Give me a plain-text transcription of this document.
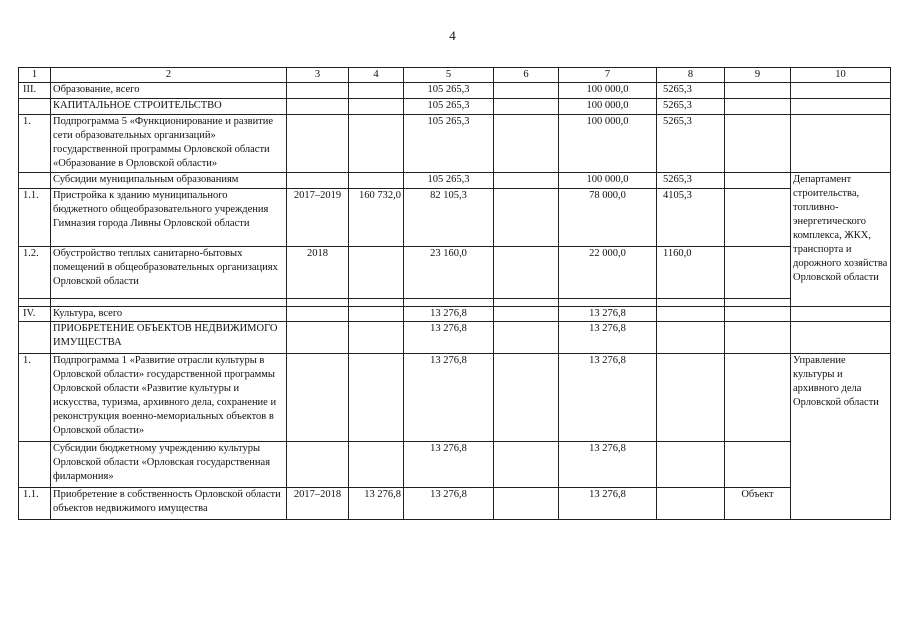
4
1	2	3	4	5	6	7	8	9	10
III.	Образование, всего			105 265,3		100 000,0	5265,3		
	КАПИТАЛЬНОЕ СТРОИТЕЛЬСТВО			105 265,3		100 000,0	5265,3		
1.	Подпрограмма 5 «Функционирование и развитие сети образовательных организаций» государственной программы Орловской области «Образование в Орловской области»			105 265,3		100 000,0	5265,3		
	Субсидии муниципальным образованиям			105 265,3		100 000,0	5265,3		Департамент строительства, топливно-энергетического комплекса, ЖКХ, транспорта и дорожного хозяйства Орловской области
1.1.	Пристройка к зданию муниципального бюджетного общеобразовательного учреждения Гимназия города Ливны Орловской области	2017–2019	160 732,0	82 105,3		78 000,0	4105,3		
1.2.	Обустройство теплых санитарно-бытовых помещений в общеобразовательных организациях Орловской области	2018		23 160,0		22 000,0	1160,0		

IV.	Культура, всего			13 276,8		13 276,8			
	ПРИОБРЕТЕНИЕ ОБЪЕКТОВ НЕДВИЖИМОГО ИМУЩЕСТВА			13 276,8		13 276,8			
1.	Подпрограмма 1 «Развитие отрасли культуры в Орловской области» государственной программы Орловской области «Развитие культуры и искусства, туризма, архивного дела, сохранение и реконструкция военно-мемориальных объектов в Орловской области»			13 276,8		13 276,8			Управление культуры и архивного дела Орловской области
	Субсидии бюджетному учреждению культуры Орловской области «Орловская государственная филармония»			13 276,8		13 276,8			
1.1.	Приобретение в собственность Орловской области объектов недвижимого имущества	2017–2018	13 276,8	13 276,8		13 276,8		Объект	
